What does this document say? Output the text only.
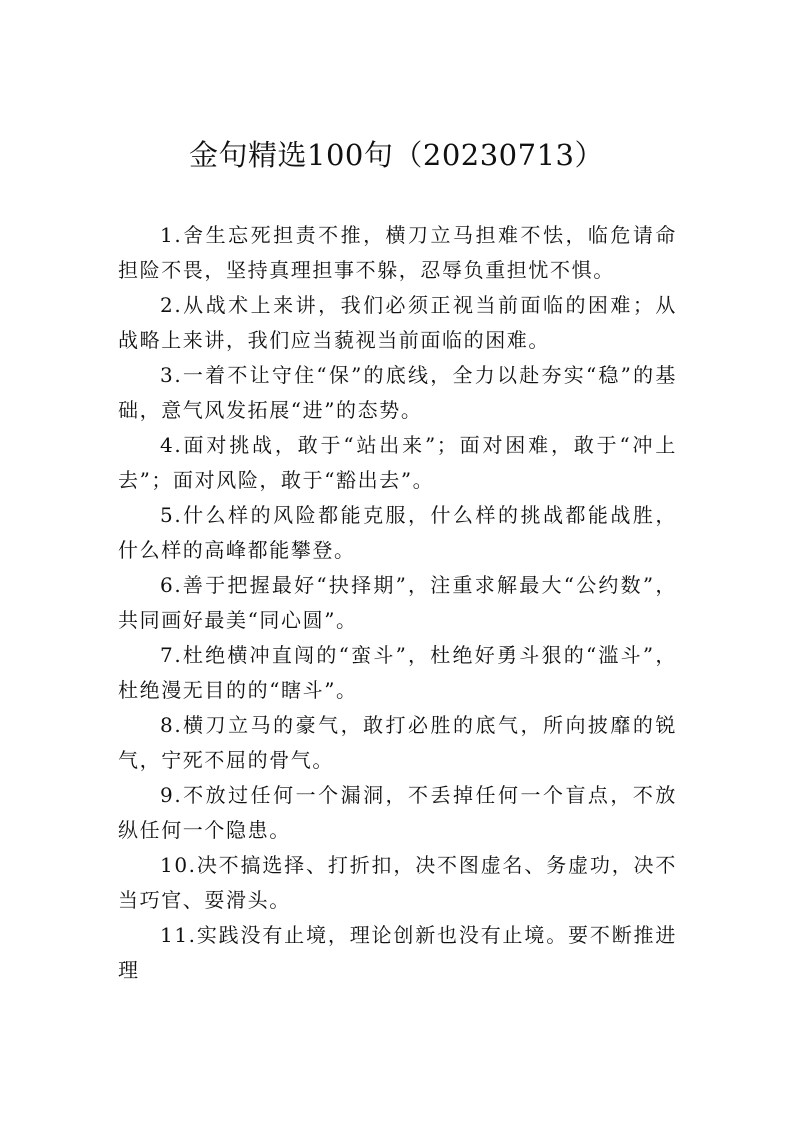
金句精选100句（20230713）

1.舍生忘死担责不推，横刀立马担难不怯，临危请命担险不畏，坚持真理担事不躲，忍辱负重担忧不惧。

2.从战术上来讲，我们必须正视当前面临的困难；从战略上来讲，我们应当藐视当前面临的困难。

3.一着不让守住“保”的底线，全力以赴夯实“稳”的基础，意气风发拓展“进”的态势。

4.面对挑战，敢于“站出来”；面对困难，敢于“冲上去”；面对风险，敢于“豁出去”。

5.什么样的风险都能克服，什么样的挑战都能战胜，什么样的高峰都能攀登。

6.善于把握最好“抉择期”，注重求解最大“公约数”，共同画好最美“同心圆”。

7.杜绝横冲直闯的“蛮斗”，杜绝好勇斗狠的“滥斗”，杜绝漫无目的的“瞎斗”。

8.横刀立马的豪气，敢打必胜的底气，所向披靡的锐气，宁死不屈的骨气。

9.不放过任何一个漏洞，不丢掉任何一个盲点，不放纵任何一个隐患。

10.决不搞选择、打折扣，决不图虚名、务虚功，决不当巧官、耍滑头。

11.实践没有止境，理论创新也没有止境。要不断推进理
